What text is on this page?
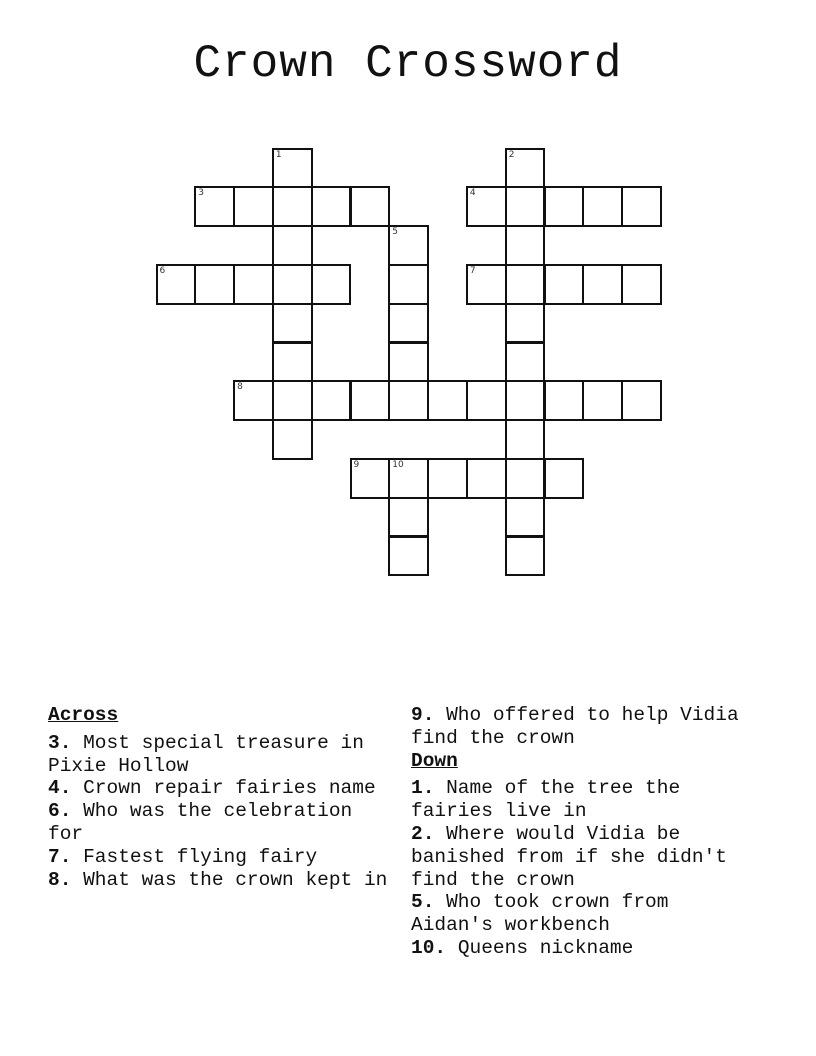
Crown Crossword
1	2
3	4
5
6	7
8
9	10
Across

3. Most special treasure in Pixie Hollow

4. Crown repair fairies name

6. Who was the celebration for

7. Fastest flying fairy

8. What was the crown kept in

9. Who offered to help Vidia find the crown

Down

1. Name of the tree the fairies live in

2. Where would Vidia be banished from if she didn't find the crown

5. Who took crown from Aidan's workbench

10. Queens nickname
